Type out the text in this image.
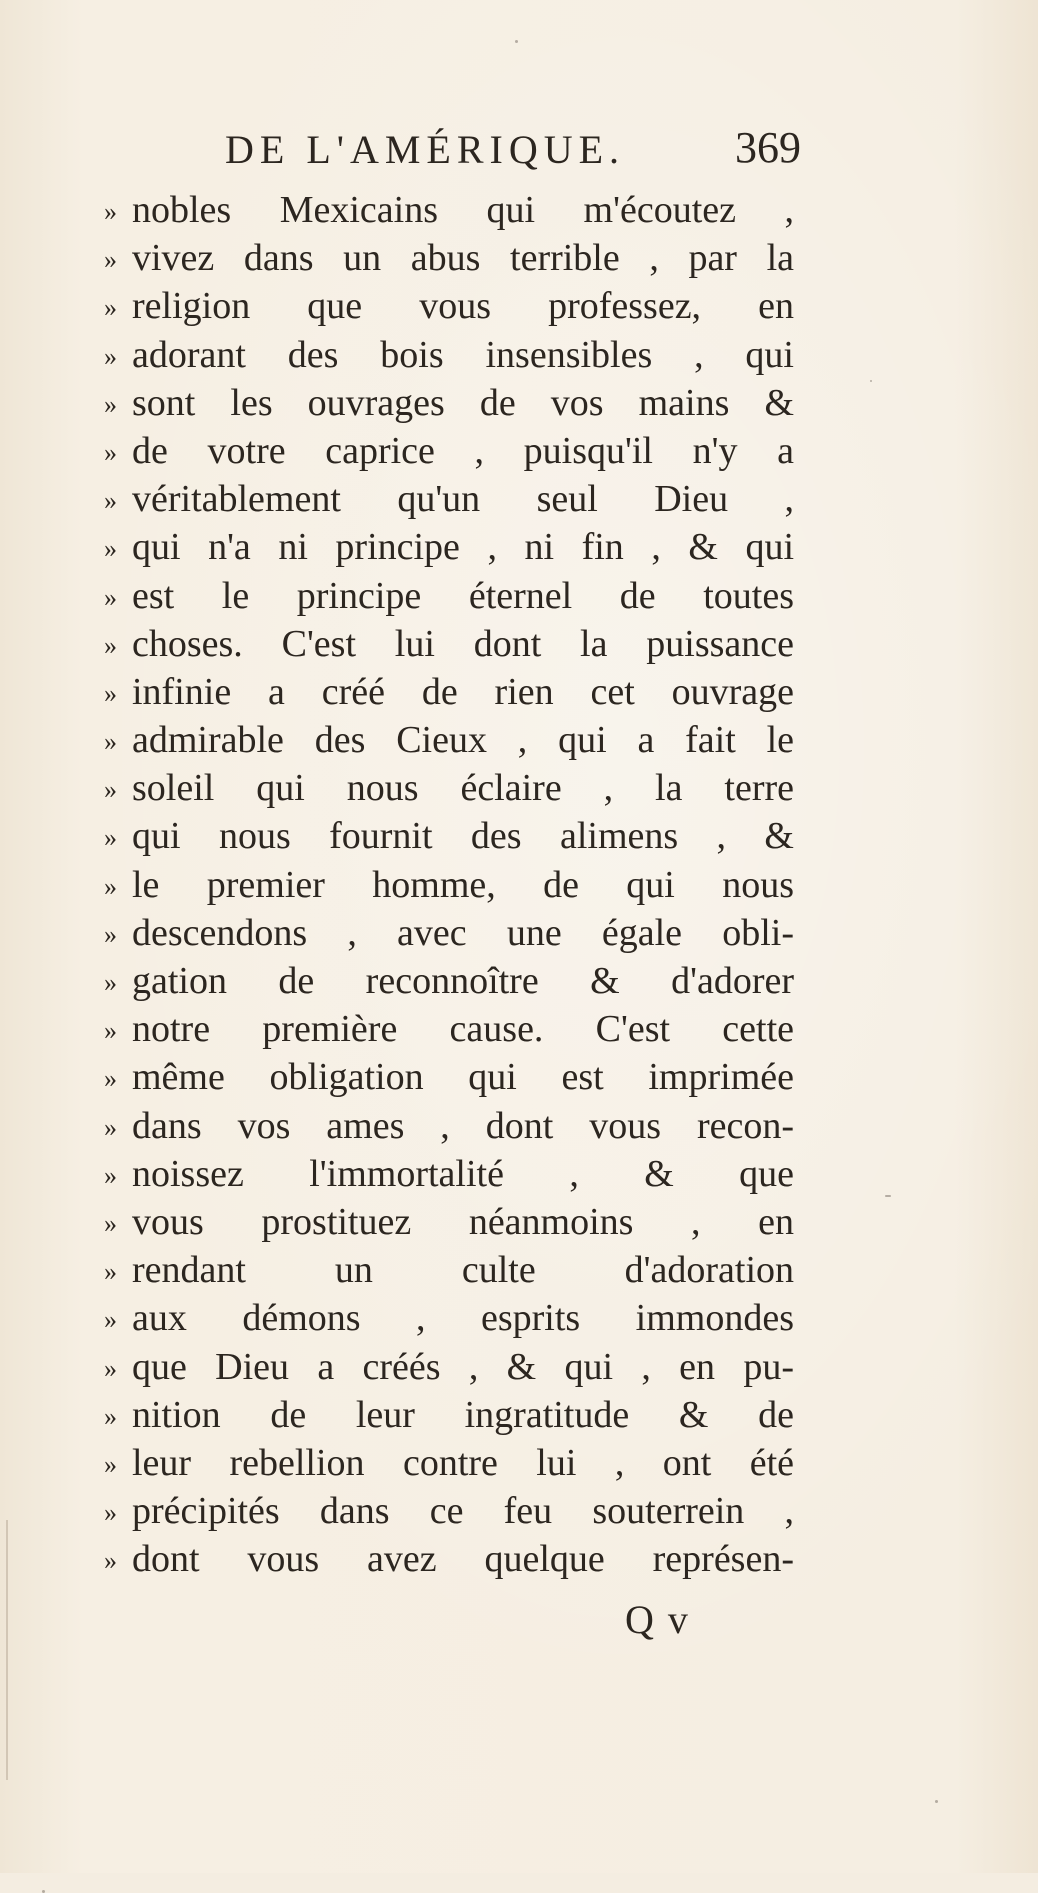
DE L'AMÉRIQUE. 369
» nobles Mexicains qui m'écoutez ,
» vivez dans un abus terrible , par la
» religion que vous professez, en
» adorant des bois insensibles , qui
» sont les ouvrages de vos mains &
» de votre caprice , puisqu'il n'y a
» véritablement qu'un seul Dieu ,
» qui n'a ni principe , ni fin , & qui
» est le principe éternel de toutes
» choses. C'est lui dont la puissance
» infinie a créé de rien cet ouvrage
» admirable des Cieux , qui a fait le
» soleil qui nous éclaire , la terre
» qui nous fournit des alimens , &
» le premier homme, de qui nous
» descendons , avec une égale obli-
» gation de reconnoître & d'adorer
» notre première cause. C'est cette
» même obligation qui est imprimée
» dans vos ames , dont vous recon-
» noissez l'immortalité , & que
» vous prostituez néanmoins , en
» rendant un culte d'adoration
» aux démons , esprits immondes
» que Dieu a créés , & qui , en pu-
» nition de leur ingratitude & de
» leur rebellion contre lui , ont été
» précipités dans ce feu souterrein ,
» dont vous avez quelque représen-
Q v
